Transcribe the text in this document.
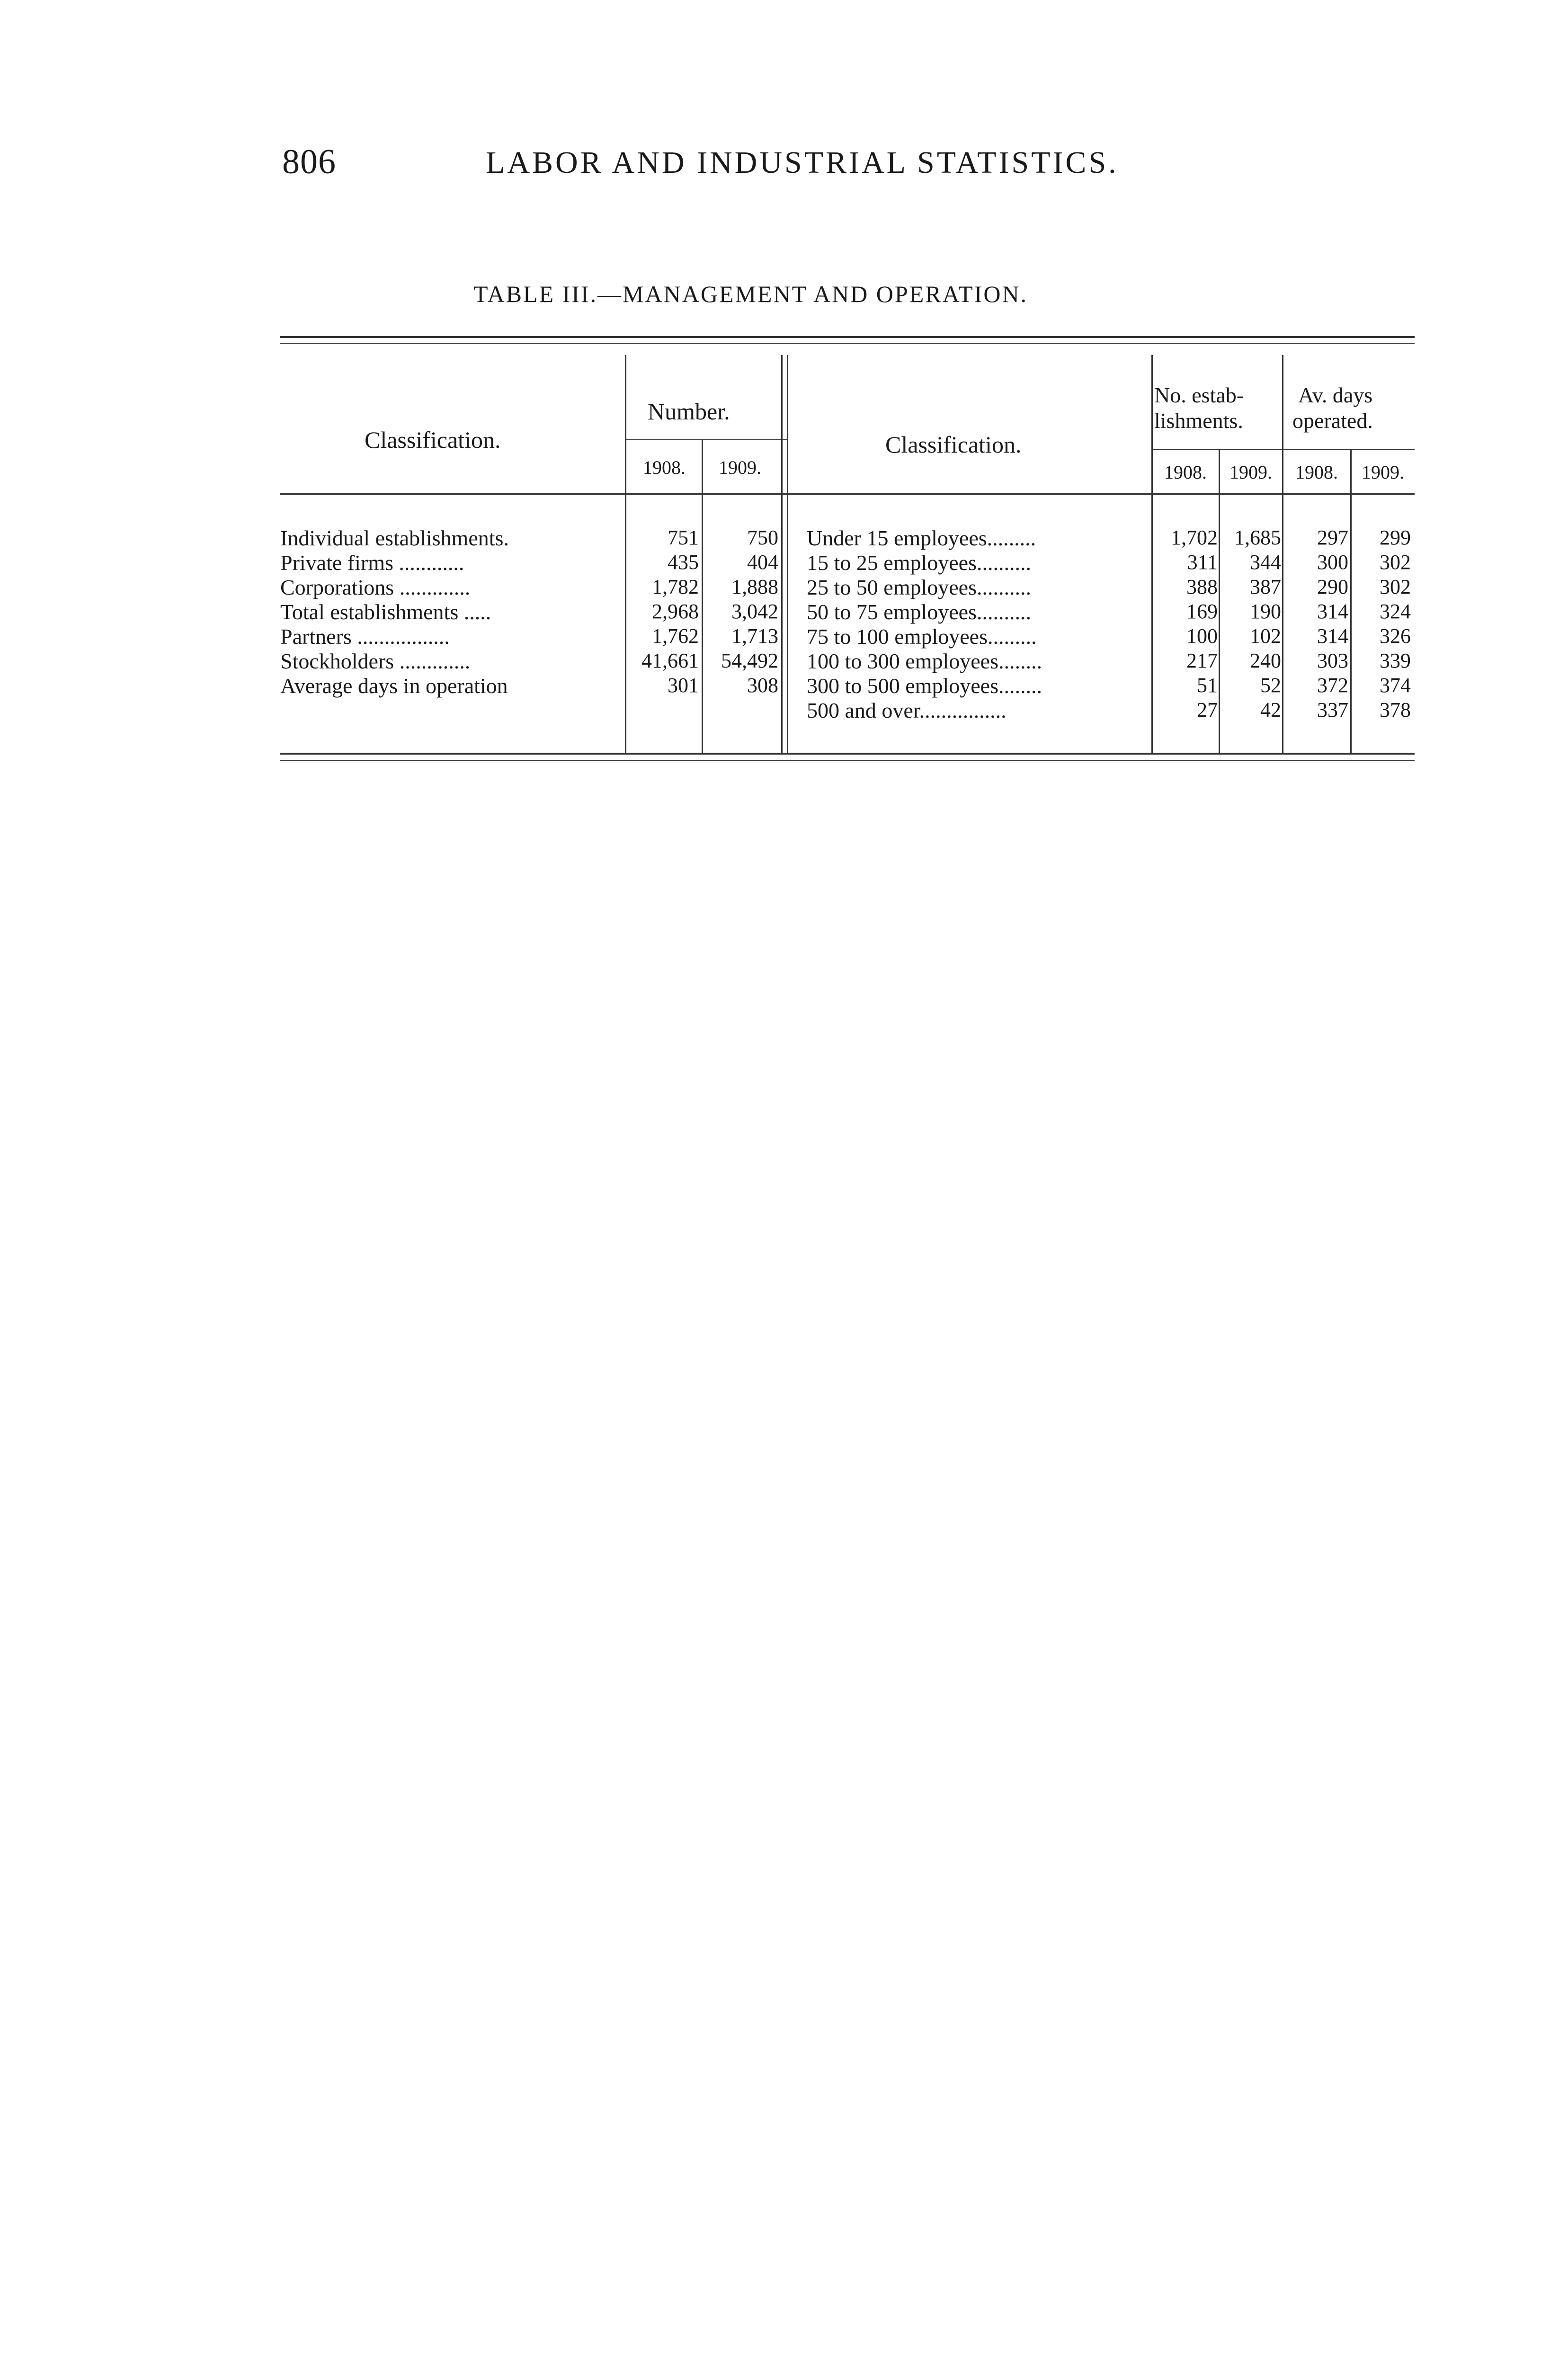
806	LABOR AND INDUSTRIAL STATISTICS.
TABLE III.—MANAGEMENT AND OPERATION.
Classification.
Number.
1908.	1909.
Classification.
No. estab-
lishments.
Av. days
operated.
1908.	1909.	1908.	1909.
Individual establishments.	751	750
Private firms ............	435	404
Corporations .............	1,782	1,888
Total establishments .....	2,968	3,042
Partners .................	1,762	1,713
Stockholders .............	41,661	54,492
Average days in operation	301	308
Under 15 employees.........	1,702 1,685	297	299
15 to 25 employees..........	311	344	300	302
25 to 50 employees..........	388	387	290	302
50 to 75 employees..........	169	190	314	324
75 to 100 employees.........	100	102	314	326
100 to 300 employees........	217	240	303	339
300 to 500 employees........	51	52	372	374
500 and over................	27	42	337	378
